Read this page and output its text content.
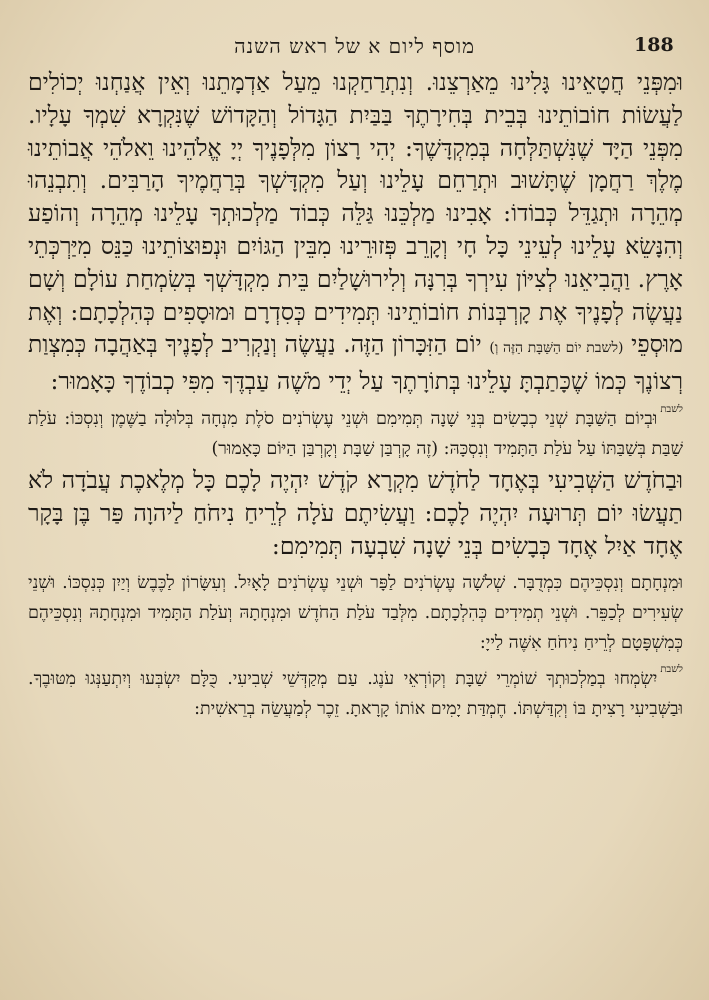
188
מוסף ליום א של ראש השנה

וּמִפְּנֵי חֲטָאֵינוּ גָּלִינוּ מֵאַרְצֵנוּ. וְנִתְרַחַקְנוּ מֵעַל אַדְמָתֵנוּ וְאֵין אֲנַחְנוּ יְכוֹלִים לַעֲשׂוֹת חוֹבוֹתֵינוּ בְּבֵית בְּחִירָתֶךָ בַּבַּיִת הַגָּדוֹל וְהַקָּדוֹשׁ שֶׁנִּקְרָא שִׁמְךָ עָלָיו. מִפְּנֵי הַיָּד שֶׁנִּשְׁתַּלְּחָה בְּמִקְדָּשֶׁךָ: יְהִי רָצוֹן מִלְּפָנֶיךָ יְיָ אֱלֹהֵינוּ וֵאלֹהֵי אֲבוֹתֵינוּ מֶלֶךְ רַחֲמָן שֶׁתָּשׁוּב וּתְרַחֵם עָלֵינוּ וְעַל מִקְדָּשְׁךָ בְּרַחֲמֶיךָ הָרַבִּים. וְתִבְנֵהוּ מְהֵרָה וּתְגַדֵּל כְּבוֹדוֹ: אָבִינוּ מַלְכֵּנוּ גַּלֵּה כְּבוֹד מַלְכוּתְךָ עָלֵינוּ מְהֵרָה וְהוֹפַע וְהִנָּשֵׂא עָלֵינוּ לְעֵינֵי כָּל חָי וְקָרֵב פְּזוּרֵינוּ מִבֵּין הַגּוֹיִם וּנְפוּצוֹתֵינוּ כַּנֵּס מִיַּרְכְּתֵי אָרֶץ. וַהֲבִיאֵנוּ לְצִיּוֹן עִירְךָ בְּרִנָּה וְלִירוּשָׁלַיִם בֵּית מִקְדָּשְׁךָ בְּשִׂמְחַת עוֹלָם וְשָׁם נַעֲשֶׂה לְפָנֶיךָ אֶת קָרְבְּנוֹת חוֹבוֹתֵינוּ תְּמִידִים כְּסִדְרָם וּמוּסָפִים כְּהִלְכָתָם: וְאֶת מוּסְפֵי (לשבת יוֹם הַשַּׁבָּת הַזֶּה וְ) יוֹם הַזִּכָּרוֹן הַזֶּה. נַעֲשֶׂה וְנַקְרִיב לְפָנֶיךָ בְּאַהֲבָה כְּמִצְוַת רְצוֹנֶךָ כְּמוֹ שֶׁכָּתַבְתָּ עָלֵינוּ בְּתוֹרָתֶךָ עַל יְדֵי מֹשֶׁה עַבְדֶּךָ מִפִּי כְבוֹדֶךָ כָּאָמוּר:

$^{לשבת}$וּבְיוֹם הַשַּׁבָּת שְׁנֵי כְבָשִׂים בְּנֵי שָׁנָה תְּמִימִם וּשְׁנֵי עֶשְׂרֹנִים סֹלֶת מִנְחָה בְּלוּלָה בַשֶּׁמֶן וְנִסְכּוֹ: עֹלַת שַׁבַּת בְּשַׁבַּתּוֹ עַל עֹלַת הַתָּמִיד וְנִסְכָּהּ: (זֶה קָרְבַּן שַׁבָּת וְקָרְבַּן הַיּוֹם כָּאָמוּר)

וּבַחֹדֶשׁ הַשְּׁבִיעִי בְּאֶחָד לַחֹדֶשׁ מִקְרָא קֹדֶשׁ יִהְיֶה לָכֶם כָּל מְלֶאכֶת עֲבֹדָה לֹא תַעֲשׂוּ יוֹם תְּרוּעָה יִהְיֶה לָכֶם: וַעֲשִׂיתֶם עֹלָה לְרֵיחַ נִיחֹחַ לַיהוָה פַּר בֶּן בָּקָר אֶחָד אַיִל אֶחָד כְּבָשִׂים בְּנֵי שָׁנָה שִׁבְעָה תְּמִימִם:

וּמִנְחָתָם וְנִסְכֵּיהֶם כִּמְדֻבָּר. שְׁלֹשָׁה עֶשְׂרֹנִים לַפָּר וּשְׁנֵי עֶשְׂרֹנִים לָאָיִל. וְעִשָּׂרוֹן לַכֶּבֶשׂ וְיַיִן כְּנִסְכּוֹ. וּשְׁנֵי שְׂעִירִים לְכַפֵּר. וּשְׁנֵי תְמִידִים כְּהִלְכָתָם. מִלְּבַד עֹלַת הַחֹדֶשׁ וּמִנְחָתָהּ וְעֹלַת הַתָּמִיד וּמִנְחָתָהּ וְנִסְכֵּיהֶם כְּמִשְׁפָּטָם לְרֵיחַ נִיחֹחַ אִשֶּׁה לַייָ:

$^{לשבת}$יִשְׂמְחוּ בְמַלְכוּתְךָ שׁוֹמְרֵי שַׁבָּת וְקוֹרְאֵי עֹנֶג. עַם מְקַדְּשֵׁי שְׁבִיעִי. כֻּלָּם יִשְׂבְּעוּ וְיִתְעַנְּגוּ מִטּוּבֶךָ. וּבַשְּׁבִיעִי רָצִיתָ בּוֹ וְקִדַּשְׁתּוֹ. חֶמְדַּת יָמִים אוֹתוֹ קָרָאתָ. זֵכֶר לְמַעֲשֵׂה בְרֵאשִׁית:
